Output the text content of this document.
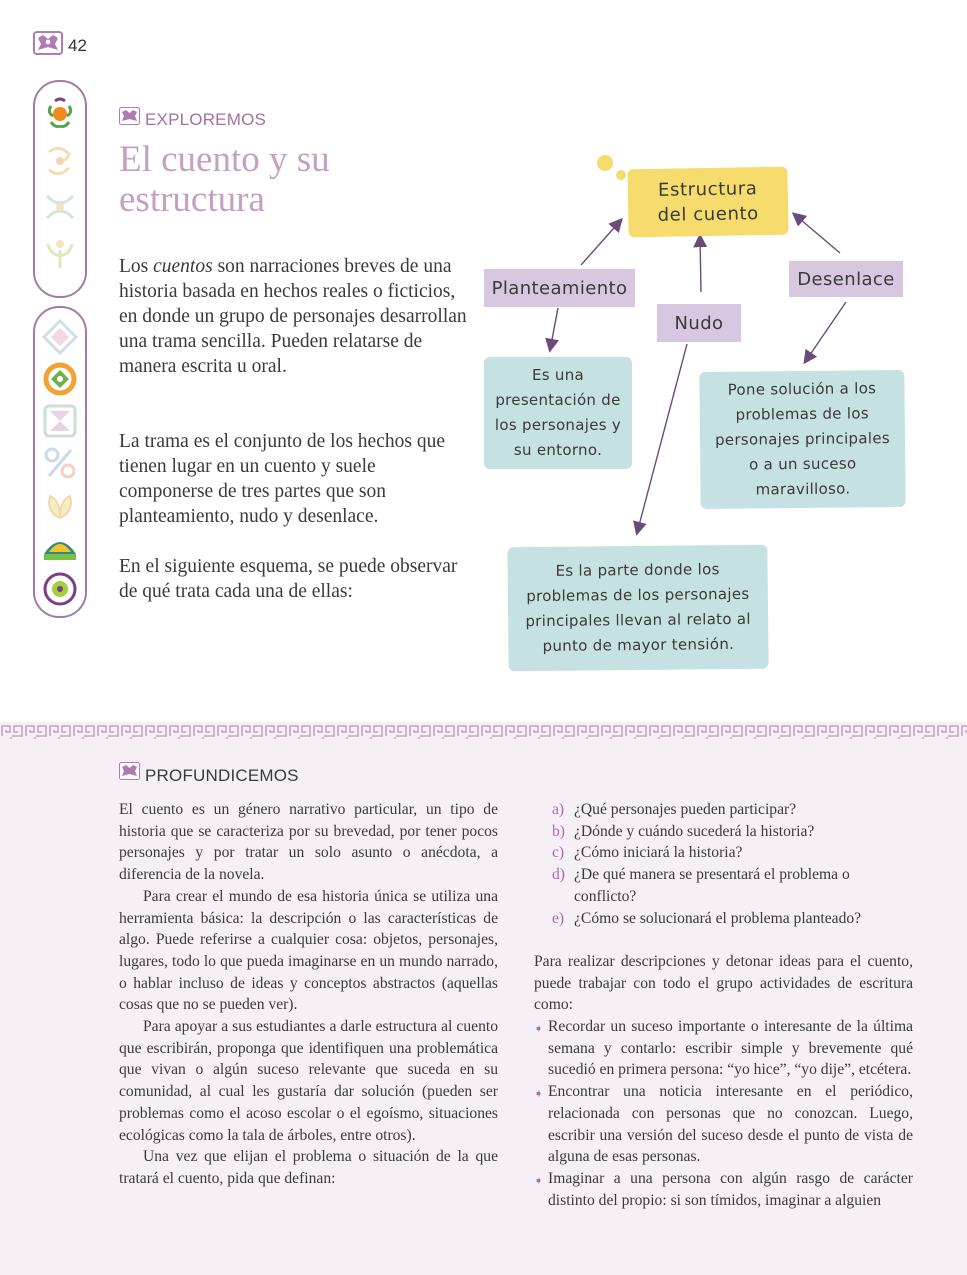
42
EXPLOREMOS
El cuento y su estructura
Los cuentos son narraciones breves de una historia basada en hechos reales o ficticios, en donde un grupo de personajes desarrollan una trama sencilla. Pueden relatarse de manera escrita u oral.
La trama es el conjunto de los hechos que tienen lugar en un cuento y suele componerse de tres partes que son planteamiento, nudo y desenlace.
En el siguiente esquema, se puede observar de qué trata cada una de ellas:
Estructura del cuento
Planteamiento
Nudo
Desenlace
Es una presentación de los personajes y su entorno.
Pone solución a los problemas de los personajes principales o a un suceso maravilloso.
Es la parte donde los problemas de los personajes principales llevan al relato al punto de mayor tensión.
PROFUNDICEMOS

El cuento es un género narrativo particular, un tipo de historia que se caracteriza por su brevedad, por tener pocos personajes y por tratar un solo asunto o anécdota, a diferencia de la novela.

Para crear el mundo de esa historia única se utiliza una herramienta básica: la descripción o las características de algo. Puede referirse a cualquier cosa: objetos, personajes, lugares, todo lo que pueda imaginarse en un mundo narrado, o hablar incluso de ideas y conceptos abstractos (aquellas cosas que no se pueden ver).

Para apoyar a sus estudiantes a darle estructura al cuento que escribirán, proponga que identifiquen una problemática que vivan o algún suceso relevante que suceda en su comunidad, al cual les gustaría dar solución (pueden ser problemas como el acoso escolar o el egoísmo, situaciones ecológicas como la tala de árboles, entre otros).

Una vez que elijan el problema o situación de la que tratará el cuento, pida que definan:

a) ¿Qué personajes pueden participar?
b) ¿Dónde y cuándo sucederá la historia?
c) ¿Cómo iniciará la historia?
d) ¿De qué manera se presentará el problema o conflicto?
e) ¿Cómo se solucionará el problema planteado?
Para realizar descripciones y detonar ideas para el cuento, puede trabajar con todo el grupo actividades de escritura como:
➧ Recordar un suceso importante o interesante de la última semana y contarlo: escribir simple y brevemente qué sucedió en primera persona: “yo hice”, “yo dije”, etcétera.
➧ Encontrar una noticia interesante en el periódico, relacionada con personas que no conozcan. Luego, escribir una versión del suceso desde el punto de vista de alguna de esas personas.
➧ Imaginar a una persona con algún rasgo de carácter distinto del propio: si son tímidos, imaginar a alguien
